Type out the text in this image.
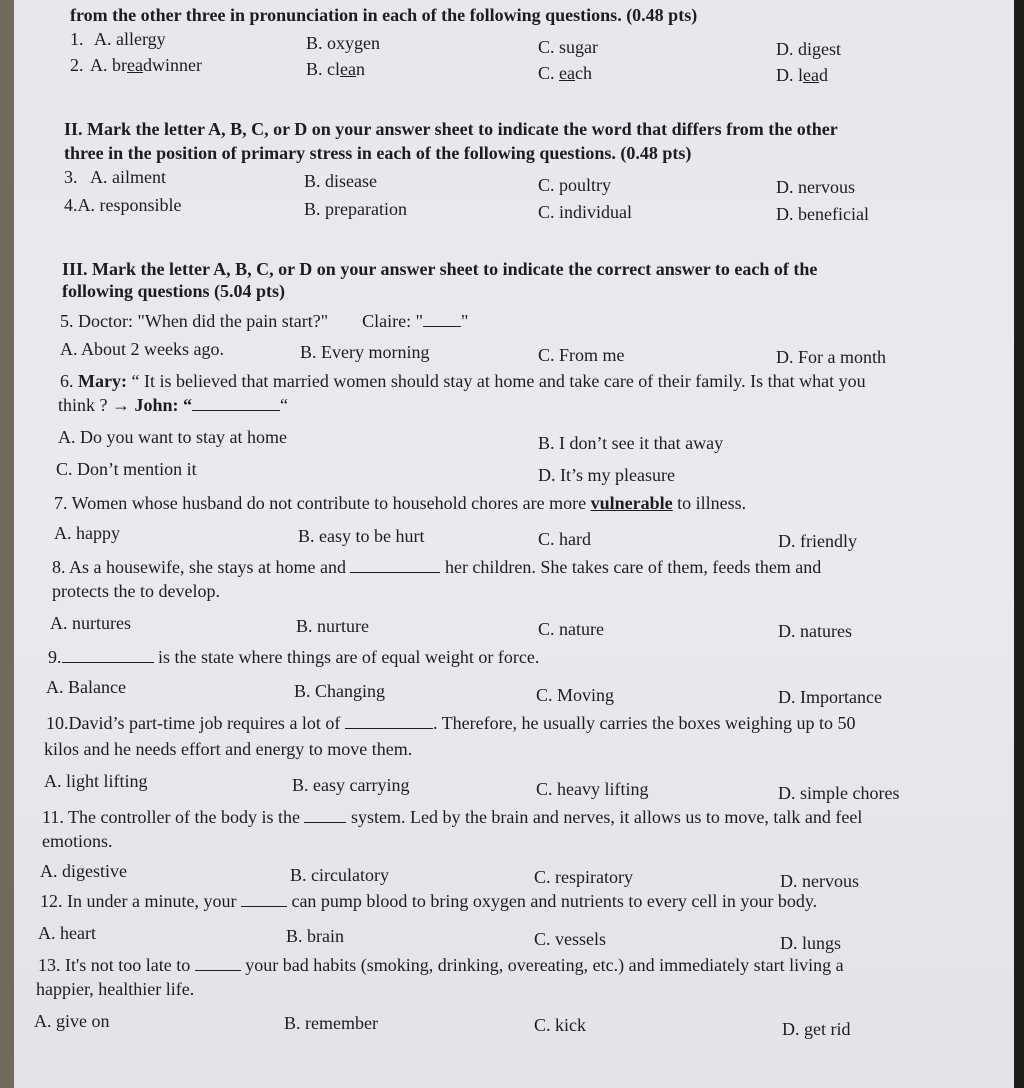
from the other three in pronunciation in each of the following questions. (0.48 pts)
1. A. allergy	B. oxygen	C. sugar	D. digest
2. A. breadwinner	B. clean	C. each	D. lead
II. Mark the letter A, B, C, or D on your answer sheet to indicate the word that differs from the other
three in the position of primary stress in each of the following questions. (0.48 pts)
3. A. ailment	B. disease	C. poultry	D. nervous
4.A. responsible	B. preparation	C. individual	D. beneficial
III. Mark the letter A, B, C, or D on your answer sheet to indicate the correct answer to each of the
following questions (5.04 pts)
5. Doctor: "When did the pain start?" Claire: " "
A. About 2 weeks ago.	B. Every morning	C. From me	D. For a month
6. Mary: “ It is believed that married women should stay at home and take care of their family. Is that what you
think ? → John: “	“
A. Do you want to stay at home	B. I don’t see it that away
C. Don’t mention it	D. It’s my pleasure
7. Women whose husband do not contribute to household chores are more vulnerable to illness.
A. happy	B. easy to be hurt	C. hard	D. friendly
8. As a housewife, she stays at home and	her children. She takes care of them, feeds them and
protects the to develop.
A. nurtures	B. nurture	C. nature	D. natures
9.	is the state where things are of equal weight or force.
A. Balance	B. Changing	C. Moving	D. Importance
10.David’s part-time job requires a lot of	. Therefore, he usually carries the boxes weighing up to 50
kilos and he needs effort and energy to move them.
A. light lifting	B. easy carrying	C. heavy lifting	D. simple chores
11. The controller of the body is the  system. Led by the brain and nerves, it allows us to move, talk and feel
emotions.
A. digestive	B. circulatory	C. respiratory	D. nervous
12. In under a minute, your	can pump blood to bring oxygen and nutrients to every cell in your body.
A. heart	B. brain	C. vessels	D. lungs
13. It's not too late to	your bad habits (smoking, drinking, overeating, etc.) and immediately start living a
happier, healthier life.
A. give on	B. remember	C. kick	D. get rid
